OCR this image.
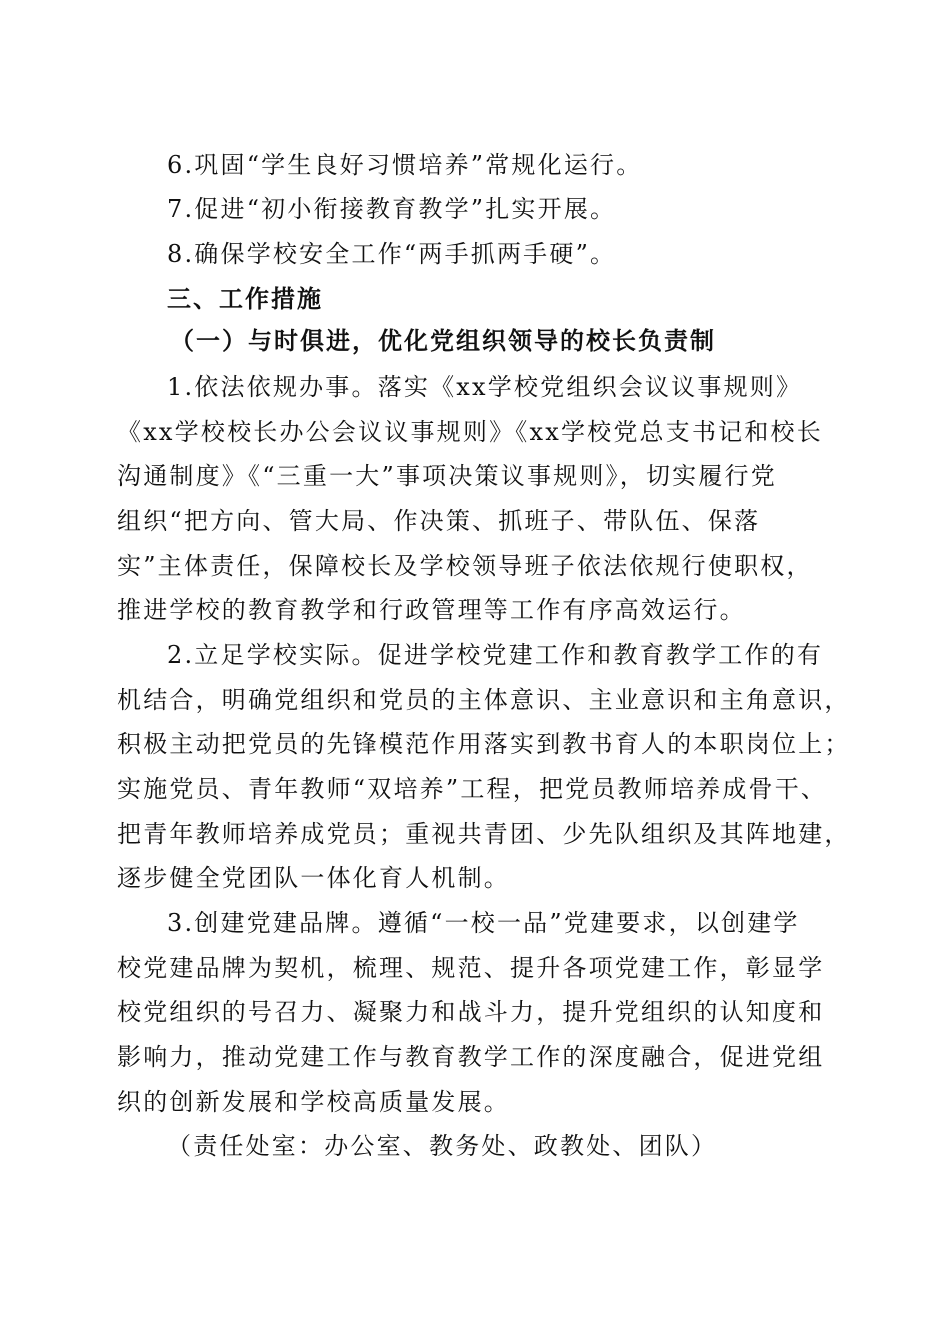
6.巩固“学生良好习惯培养”常规化运行。
7.促进“初小衔接教育教学”扎实开展。
8.确保学校安全工作“两手抓两手硬”。
三、工作措施
（一）与时俱进，优化党组织领导的校长负责制
1.依法依规办事。落实《xx学校党组织会议议事规则》
《xx学校校长办公会议议事规则》《xx学校党总支书记和校长
沟通制度》《“三重一大”事项决策议事规则》，切实履行党
组织“把方向、管大局、作决策、抓班子、带队伍、保落
实”主体责任，保障校长及学校领导班子依法依规行使职权，
推进学校的教育教学和行政管理等工作有序高效运行。
2.立足学校实际。促进学校党建工作和教育教学工作的有
机结合，明确党组织和党员的主体意识、主业意识和主角意识，
积极主动把党员的先锋模范作用落实到教书育人的本职岗位上；
实施党员、青年教师“双培养”工程，把党员教师培养成骨干、
把青年教师培养成党员；重视共青团、少先队组织及其阵地建，
逐步健全党团队一体化育人机制。
3.创建党建品牌。遵循“一校一品”党建要求，以创建学
校党建品牌为契机，梳理、规范、提升各项党建工作，彰显学
校党组织的号召力、凝聚力和战斗力，提升党组织的认知度和
影响力，推动党建工作与教育教学工作的深度融合，促进党组
织的创新发展和学校高质量发展。
（责任处室：办公室、教务处、政教处、团队）
